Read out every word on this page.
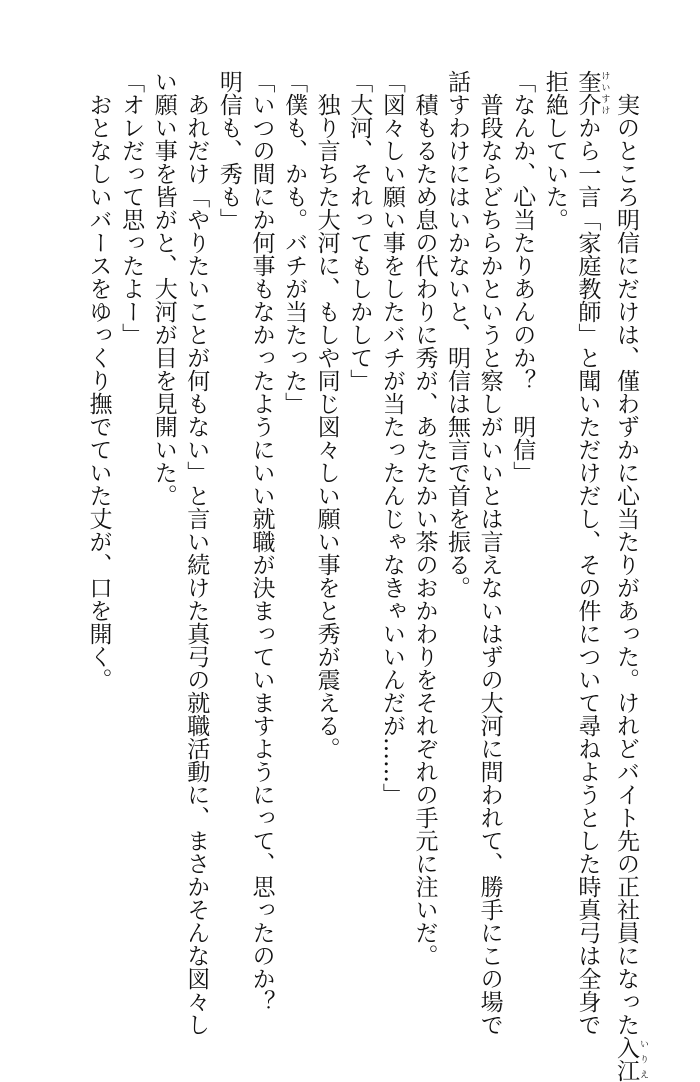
　実のところ明信にだけは、僅わずかに心当たりがあった。けれどバイト先の正社員になった入江 いりえ
奎介 けいすけから一言「家庭教師」と聞いただけだし、その件について尋ねようとした時真弓は全身で
拒絶していた。
「なんか、心当たりあんのか？　明信」
　普段ならどちらかというと察しがいいとは言えないはずの大河に問われて、勝手にこの場で
話すわけにはいかないと、明信は無言で首を振る。
　積もるため息の代わりに秀が、あたたかい茶のおかわりをそれぞれの手元に注いだ。
「図々しい願い事をしたバチが当たったんじゃなきゃいいんだが……」
「大河、それってもしかして」
　独り言ちた大河に、もしや同じ図々しい願い事をと秀が震える。
「僕も、かも。バチが当たった」
「いつの間にか何事もなかったようにいい就職が決まっていますようにって、思ったのか？
明信も、秀も」
　あれだけ「やりたいことが何もない」と言い続けた真弓の就職活動に、まさかそんな図々し
い願い事を皆がと、大河が目を見開いた。
「オレだって思ったよー」
　おとなしいバースをゆっくり撫でていた丈が、口を開く。
